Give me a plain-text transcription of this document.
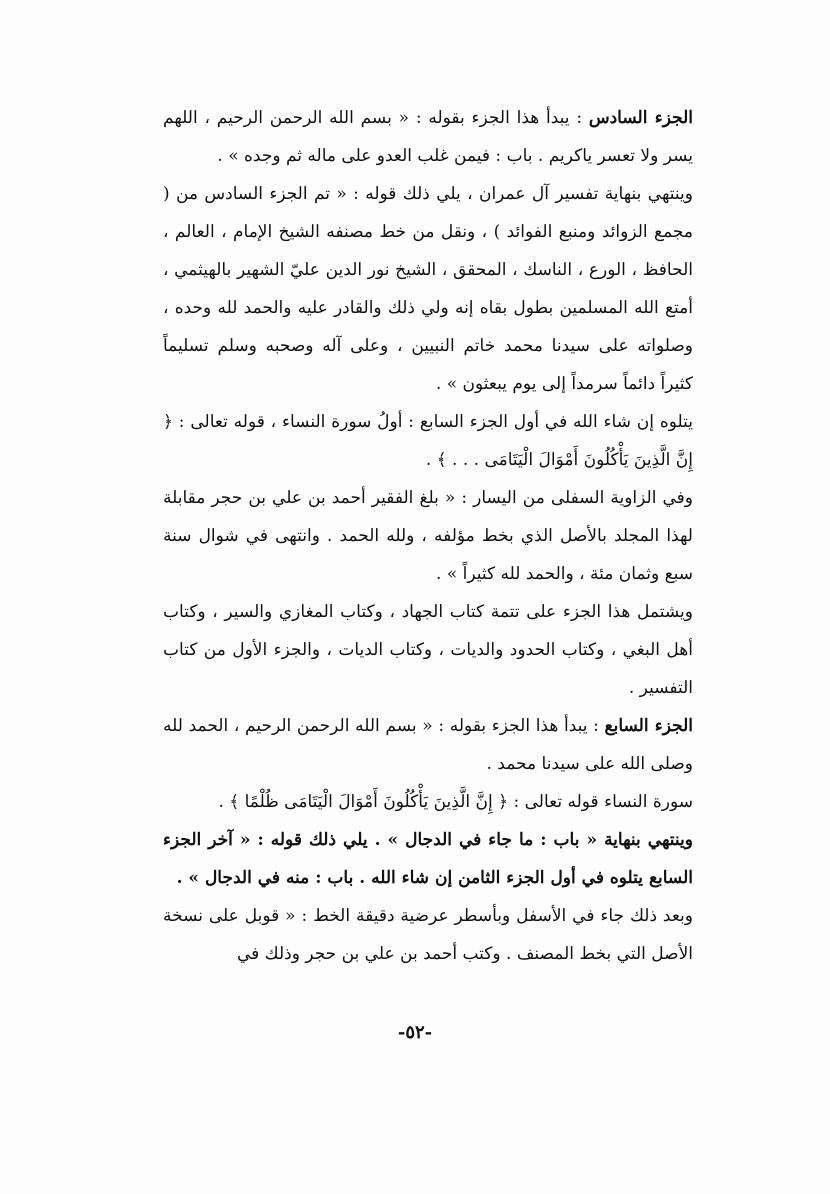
الجزء السادس : يبدأ هذا الجزء بقوله : « بسم الله الرحمن الرحيم ، اللهم يسر ولا تعسر ياكريم . باب : فيمن غلب العدو على ماله ثم وجده » .

وينتهي بنهاية تفسير آل عمران ، يلي ذلك قوله : « تم الجزء السادس من ( مجمع الزوائد ومنبع الفوائد ) ، ونقل من خط مصنفه الشيخ الإمام ، العالم ، الحافظ ، الورع ، الناسك ، المحقق ، الشيخ نور الدين عليّ الشهير بالهيثمي ، أمتع الله المسلمين بطول بقاه إنه ولي ذلك والقادر عليه والحمد لله وحده ، وصلواته على سيدنا محمد خاتم النبيين ، وعلى آله وصحبه وسلم تسليماً كثيراً دائماً سرمداً إلى يوم يبعثون » .

يتلوه إن شاء الله في أول الجزء السابع : أولُ سورة النساء ، قوله تعالى : ﴿ إِنَّ الَّذِينَ يَأْكُلُونَ أَمْوَالَ الْيَتَامَى . . . ﴾ .

وفي الزاوية السفلى من اليسار : « بلغ الفقير أحمد بن علي بن حجر مقابلة لهذا المجلد بالأصل الذي بخط مؤلفه ، ولله الحمد . وانتهى في شوال سنة سبع وثمان مئة ، والحمد لله كثيراً » .

ويشتمل هذا الجزء على تتمة كتاب الجهاد ، وكتاب المغازي والسير ، وكتاب أهل البغي ، وكتاب الحدود والديات ، وكتاب الديات ، والجزء الأول من كتاب التفسير .

الجزء السابع : يبدأ هذا الجزء بقوله : « بسم الله الرحمن الرحيم ، الحمد لله وصلى الله على سيدنا محمد .

سورة النساء قوله تعالى : ﴿ إِنَّ الَّذِينَ يَأْكُلُونَ أَمْوَالَ الْيَتَامَى ظُلْمًا ﴾ .

وينتهي بنهاية « باب : ما جاء في الدجال » . يلي ذلك قوله : « آخر الجزء السابع يتلوه في أول الجزء الثامن إن شاء الله . باب : منه في الدجال » .

وبعد ذلك جاء في الأسفل وبأسطر عرضية دقيقة الخط : « قوبل على نسخة الأصل التي بخط المصنف . وكتب أحمد بن علي بن حجر وذلك في

-٥٢-
